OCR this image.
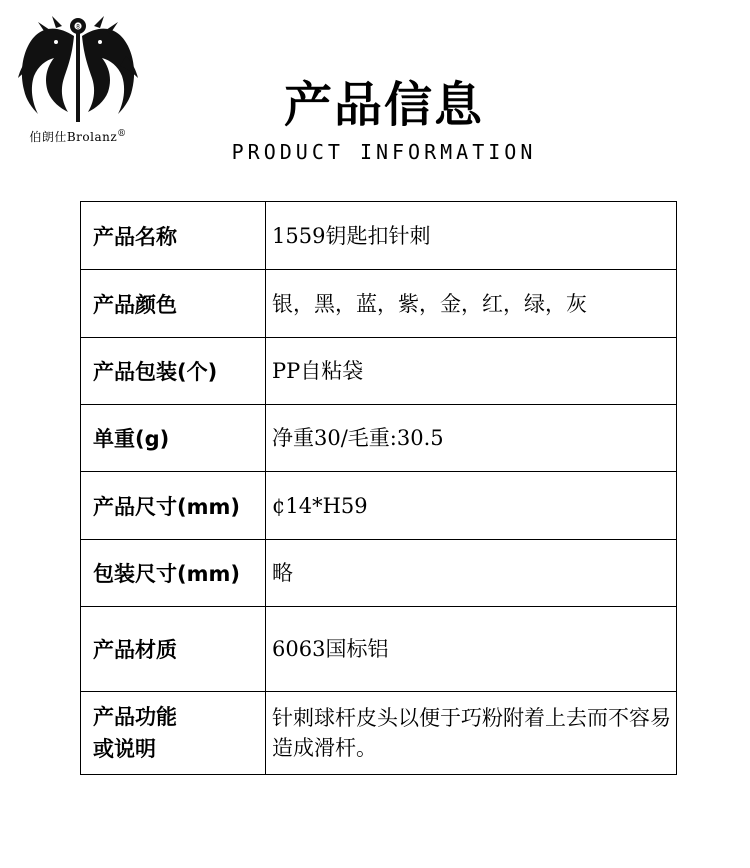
8
伯朗仕Brolanz®
产品信息
PRODUCT INFORMATION
产品名称	1559钥匙扣针刺
产品颜色	银，黑，蓝，紫，金，红，绿，灰
产品包装(个)	PP自粘袋
单重(g)	净重30/毛重:30.5
产品尺寸(mm)	¢14*H59
包装尺寸(mm)	略
产品材质	6063国标铝
产品功能或说明	针刺球杆皮头以便于巧粉附着上去而不容易造成滑杆。
